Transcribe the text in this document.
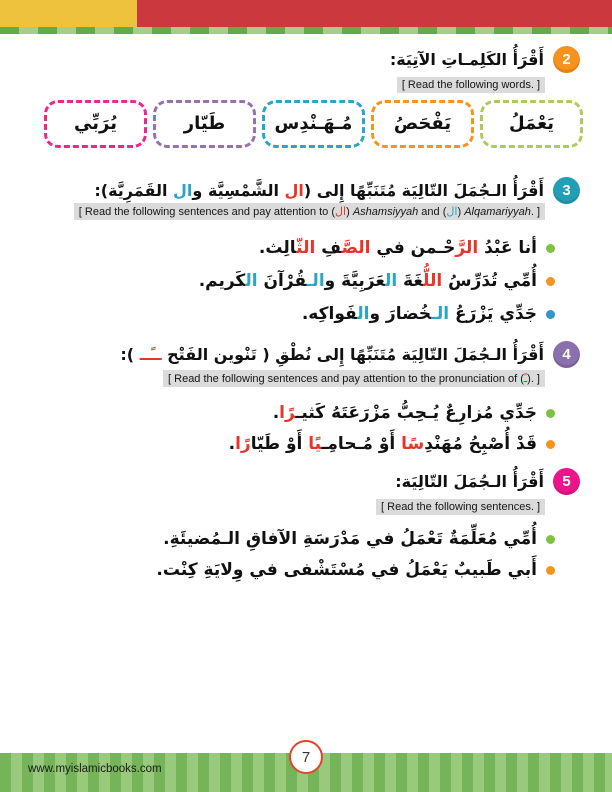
2
أَقْرَأُ الكَلِمـاتِ الآتِيَة:
[ Read the following words. ]
يُرَبِّي	طَيّار	مُـهَـنْدِس يَفْحَصُ	يَعْمَلُ
3
أَقْرَأُ الـجُمَلَ التّالِيَة مُتَنَبِّهًا إِلى (ال الشَّمْسِيَّة وال القَمَرِيَّة):
[ Read the following sentences and pay attention to (ال) Ashamsiyyah and (ال) Alqamariyyah. ]
أنا عَبْدُ الرَّحْـمن في الصَّ‍‍فِ الثّ‍‍الِث.
أُمِّي تُدَرِّسُ اللُّ‍‍غَةَ ال‍‍عَرَبِيَّةَ والـ‍‍قُرْآنَ ال‍‍كَريم.
جَدِّي يَزْرَعُ الـ‍‍خُضارَ وال‍‍فَواكِه.
4
أَقْرَأُ الـجُمَلَ التّالِيَة مُتَنَبِّهًا إِلى نُطْقِ ( تَنْوين الفَتْح ــًــ ):
[ Read the following sentences and pay attention to the pronunciation of (ـً). ]
جَدِّي مُزارِعٌ يُـحِبُّ مَزْرَعَتَهُ كَثيـ‍‍رًا.
قَدْ أُصْبِحُ مُهَنْدِسًا أَوْ مُـحامِـ‍‍يًا أَوْ طَيّارًا.
5
أَقْرَأُ الـجُمَلَ التّالِيَة:
[ Read the following sentences. ]
أُمِّي مُعَلِّمَةٌ تَعْمَلُ في مَدْرَسَةِ الآفاقِ الـمُضيئَةِ.
أَبي طَبيبٌ يَعْمَلُ في مُسْتَشْفى في وِلايَةِ كِنْت.
www.myislamicbooks.com
7
